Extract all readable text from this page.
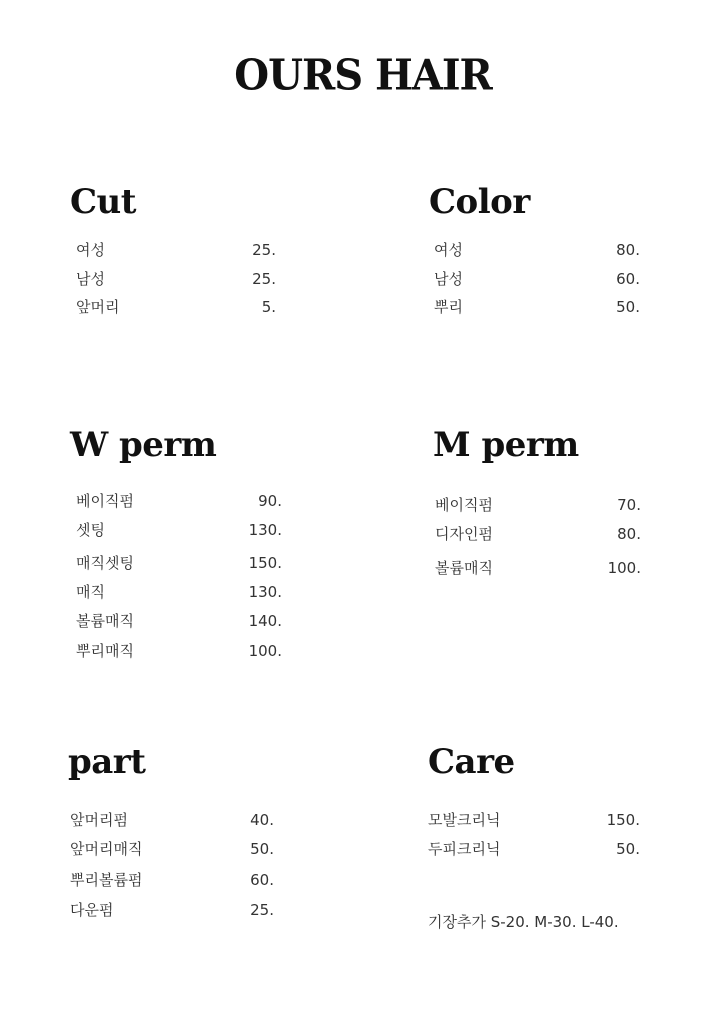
OURS HAIR
Cut
여성	25.
남성	25.
앞머리	5.
Color
여성	80.
남성	60.
뿌리	50.
W perm
베이직펌	90.
셋팅	130.
매직셋팅	150.
매직	130.
볼륨매직	140.
뿌리매직	100.
M perm
베이직펌	70.
디자인펌	80.
볼륨매직	100.
part
앞머리펌	40.
앞머리매직	50.
뿌리볼륨펌	60.
다운펌	25.
Care
모발크리닉	150.
두피크리닉	50.
기장추가 S-20. M-30. L-40.
